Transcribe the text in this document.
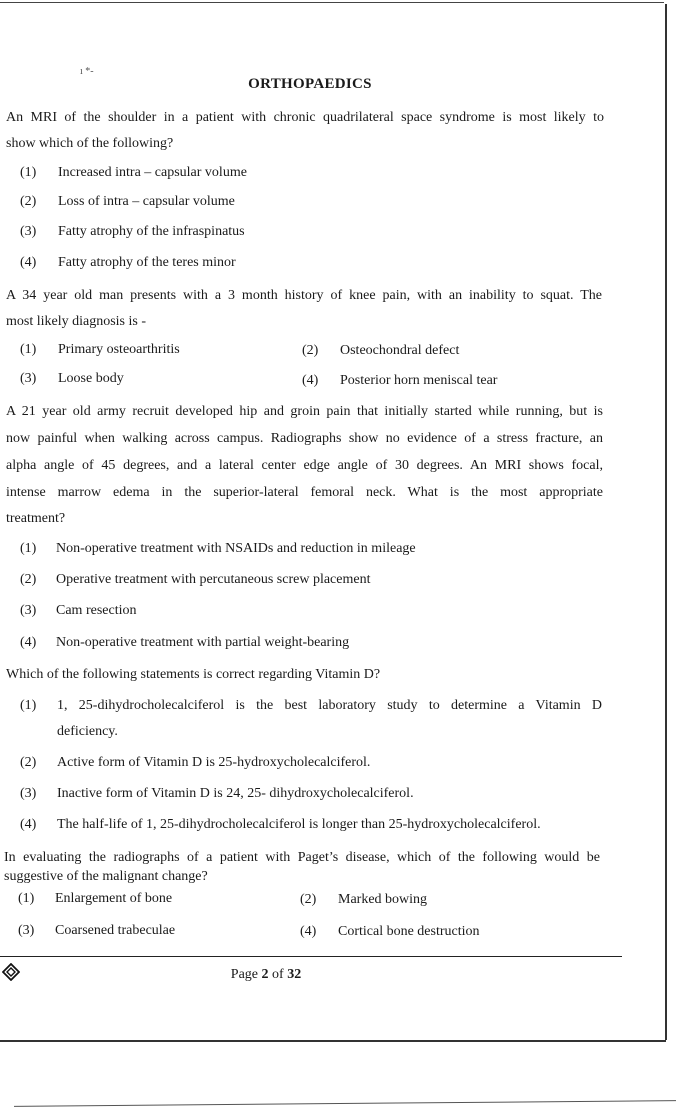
ı *-
ORTHOPAEDICS
An MRI of the shoulder in a patient with chronic quadrilateral space syndrome is most likely to
show which of the following?
(1) Increased intra – capsular volume
(2) Loss of intra – capsular volume
(3) Fatty atrophy of the infraspinatus
(4) Fatty atrophy of the teres minor
A 34 year old man presents with a 3 month history of knee pain, with an inability to squat. The
most likely diagnosis is -
(1) Primary osteoarthritis	(2) Osteochondral defect
(3) Loose body	(4) Posterior horn meniscal tear
A 21 year old army recruit developed hip and groin pain that initially started while running, but is
now painful when walking across campus. Radiographs show no evidence of a stress fracture, an
alpha angle of 45 degrees, and a lateral center edge angle of 30 degrees. An MRI shows focal,
intense marrow edema in the superior-lateral femoral neck. What is the most appropriate
treatment?
(1) Non-operative treatment with NSAIDs and reduction in mileage
(2) Operative treatment with percutaneous screw placement
(3) Cam resection
(4) Non-operative treatment with partial weight-bearing
Which of the following statements is correct regarding Vitamin D?
(1) 1, 25-dihydrocholecalciferol is the best laboratory study to determine a Vitamin D
deficiency.
(2) Active form of Vitamin D is 25-hydroxycholecalciferol.
(3) Inactive form of Vitamin D is 24, 25- dihydroxycholecalciferol.
(4) The half-life of 1, 25-dihydrocholecalciferol is longer than 25-hydroxycholecalciferol.
In evaluating the radiographs of a patient with Paget’s disease, which of the following would be
suggestive of the malignant change?
(1) Enlargement of bone	(2) Marked bowing
(3) Coarsened trabeculae	(4) Cortical bone destruction
Page 2 of 32
